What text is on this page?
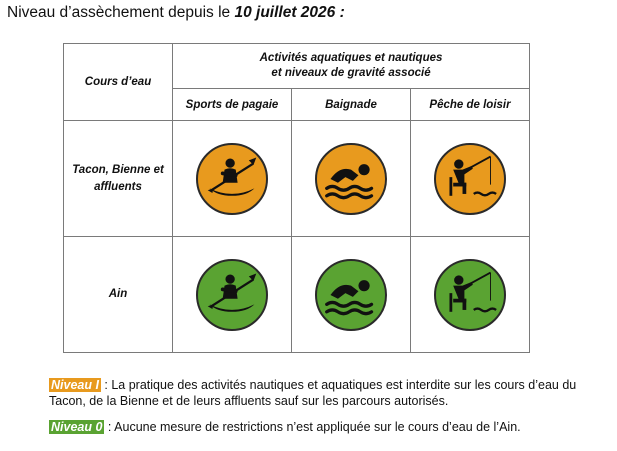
Niveau d’assèchement depuis le 10 juillet 2026 :
Cours d’eau	Activités aquatiques et nautiques
et niveaux de gravité associé		

	Sports de pagaie	Baignade	Pêche de loisir
Tacon, Bienne et affluents	

Ain	

Niveau I : La pratique des activités nautiques et aquatiques est interdite sur les cours d’eau du Tacon, de la Bienne et de leurs affluents sauf sur les parcours autorisés.
Niveau 0 : Aucune mesure de restrictions n’est appliquée sur le cours d’eau de l’Ain.
